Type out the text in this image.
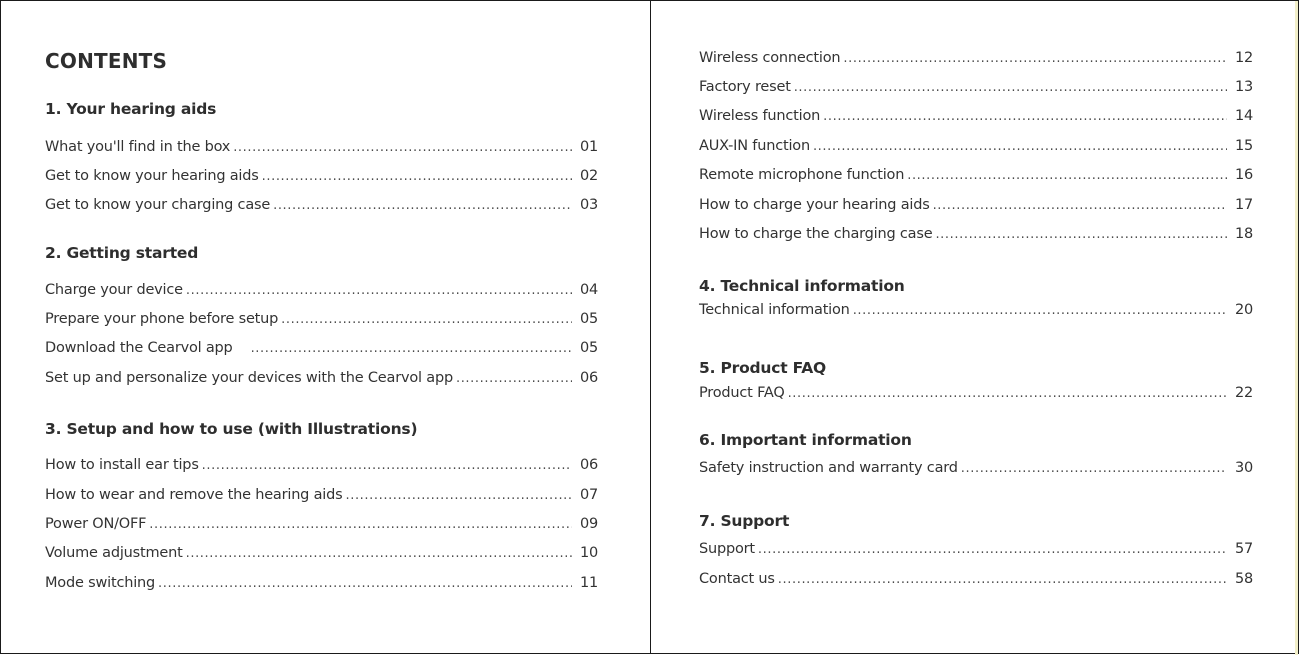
CONTENTS
1. Your hearing aids
What you'll find in the box .....	01
Get to know your hearing aids .....	02
Get to know your charging case .....	03
2. Getting started
Charge your device .....	04
Prepare your phone before setup .....	05
Download the Cearvol app .....	05
Set up and personalize your devices with the Cearvol app .....	06
3. Setup and how to use (with Illustrations)
How to install ear tips .....	06
How to wear and remove the hearing aids .....	07
Power ON/OFF .....	09
Volume adjustment .....	10
Mode switching .....	11
Wireless connection .....	12
Factory reset .....	13
Wireless function .....	14
AUX-IN function .....	15
Remote microphone function .....	16
How to charge your hearing aids .....	17
How to charge the charging case .....	18
4. Technical information
Technical information .....	20
5. Product FAQ
Product FAQ .....	22
6. Important information
Safety instruction and warranty card .....	30
7. Support
Support .....	57
Contact us .....	58
